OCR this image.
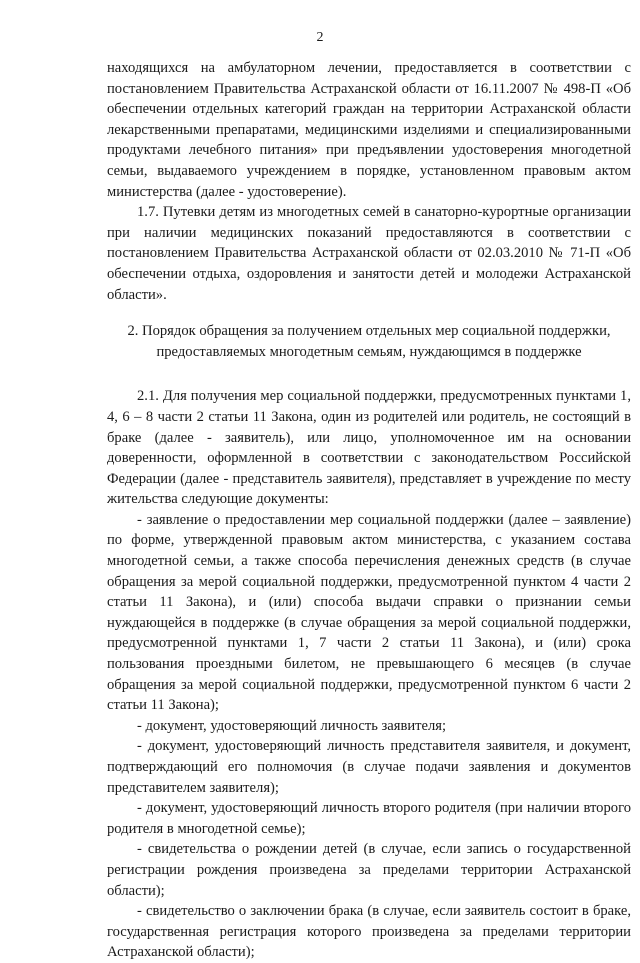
2

находящихся на амбулаторном лечении, предоставляется в соответствии с постановлением Правительства Астраханской области от 16.11.2007 № 498-П «Об обеспечении отдельных категорий граждан на территории Астраханской области лекарственными препаратами, медицинскими изделиями и специализированными продуктами лечебного питания» при предъявлении удостоверения многодетной семьи, выдаваемого учреждением в порядке, установленном правовым актом министерства (далее - удостоверение).

1.7. Путевки детям из многодетных семей в санаторно-курортные организации при наличии медицинских показаний предоставляются в соответствии с постановлением Правительства Астраханской области от 02.03.2010 № 71-П «Об обеспечении отдыха, оздоровления и занятости детей и молодежи Астраханской области».

2. Порядок обращения за получением отдельных мер социальной поддержки, предоставляемых многодетным семьям, нуждающимся в поддержке

2.1. Для получения мер социальной поддержки, предусмотренных пунктами 1, 4, 6 – 8 части 2 статьи 11 Закона, один из родителей или родитель, не состоящий в браке (далее - заявитель), или лицо, уполномоченное им на основании доверенности, оформленной в соответствии с законодательством Российской Федерации (далее - представитель заявителя), представляет в учреждение по месту жительства следующие документы:

- заявление о предоставлении мер социальной поддержки (далее – заявление) по форме, утвержденной правовым актом министерства, с указанием состава многодетной семьи, а также способа перечисления денежных средств (в случае обращения за мерой социальной поддержки, предусмотренной пунктом 4 части 2 статьи 11 Закона), и (или) способа выдачи справки о признании семьи нуждающейся в поддержке (в случае обращения за мерой социальной поддержки, предусмотренной пунктами 1, 7 части 2 статьи 11 Закона), и (или) срока пользования проездными билетом, не превышающего 6 месяцев (в случае обращения за мерой социальной поддержки, предусмотренной пунктом 6 части 2 статьи 11 Закона);

- документ, удостоверяющий личность заявителя;

- документ, удостоверяющий личность представителя заявителя, и документ, подтверждающий его полномочия (в случае подачи заявления и документов представителем заявителя);

- документ, удостоверяющий личность второго родителя (при наличии второго родителя в многодетной семье);

- свидетельства о рождении детей (в случае, если запись о государственной регистрации рождения произведена за пределами территории Астраханской области);

- свидетельство о заключении брака (в случае, если заявитель состоит в браке, государственная регистрация которого произведена за пределами территории Астраханской области);
